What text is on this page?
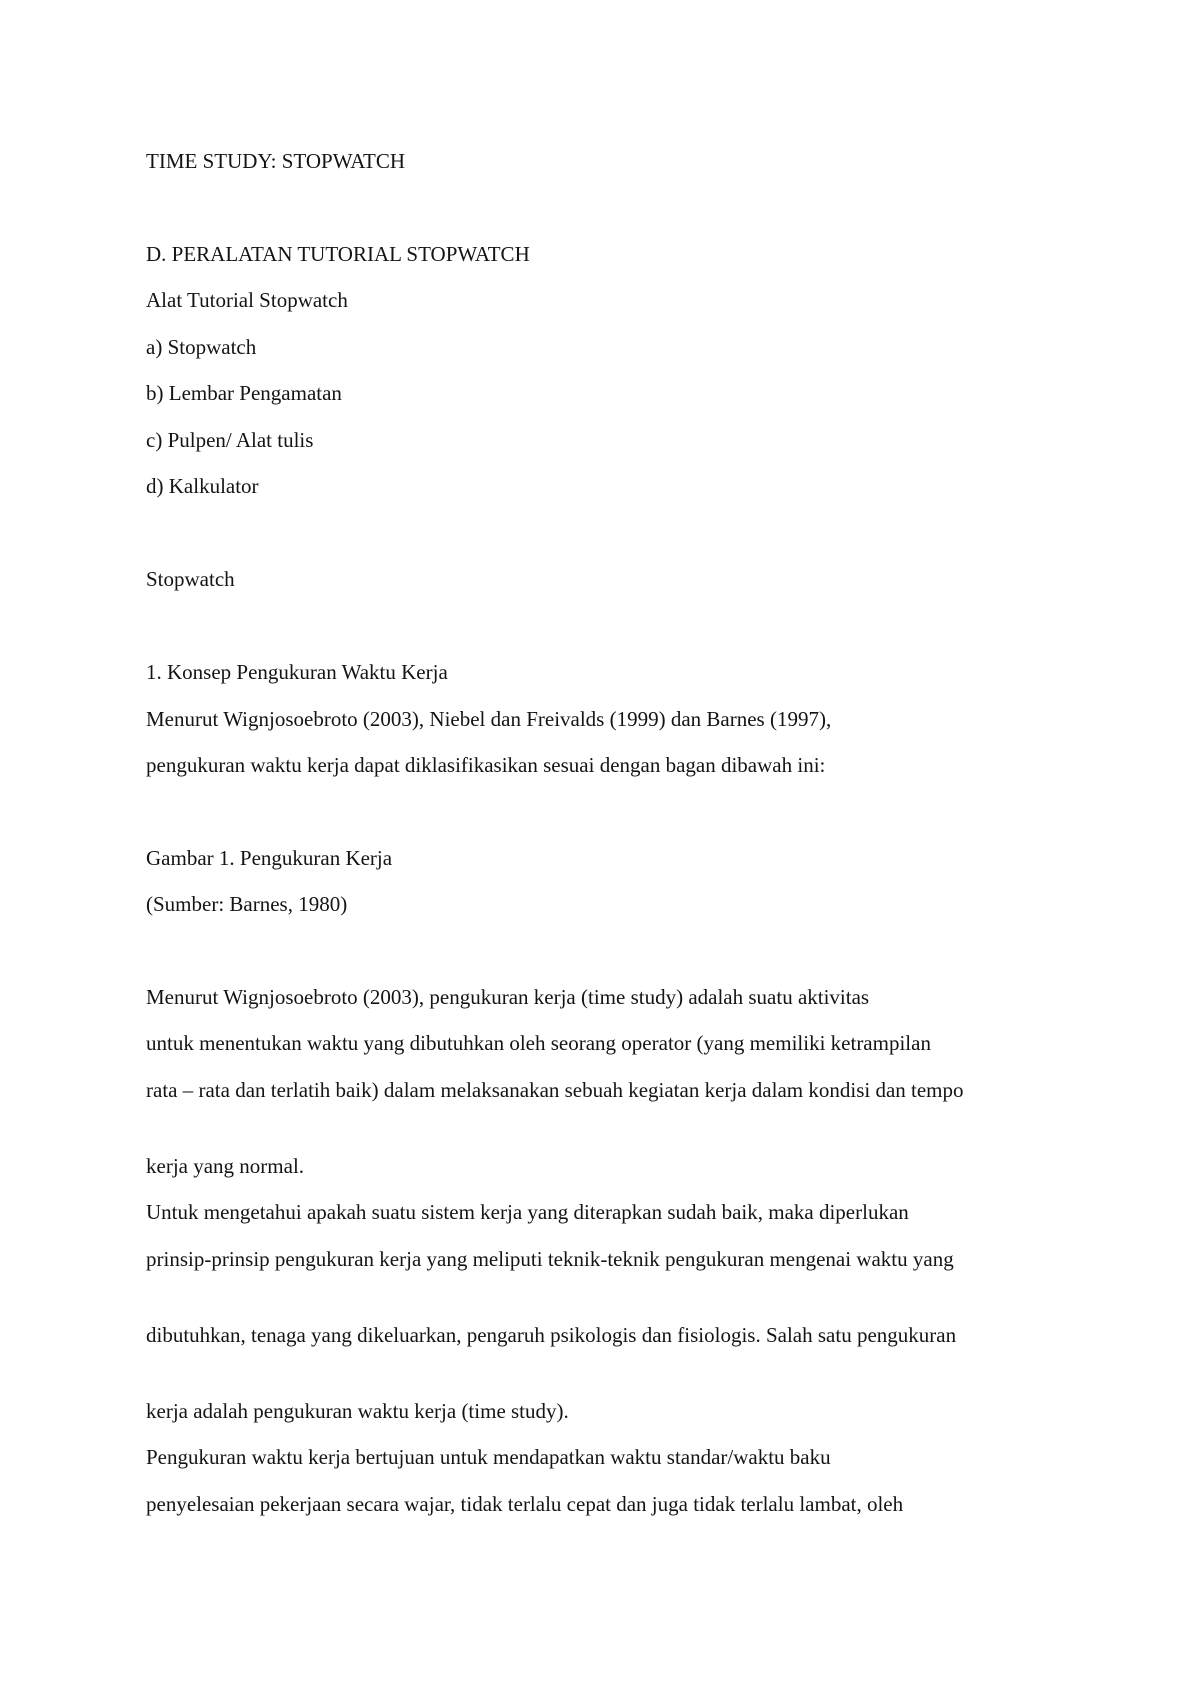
TIME STUDY: STOPWATCH

D. PERALATAN TUTORIAL STOPWATCH

Alat Tutorial Stopwatch

a) Stopwatch

b) Lembar Pengamatan

c) Pulpen/ Alat tulis

d) Kalkulator

Stopwatch

1. Konsep Pengukuran Waktu Kerja

Menurut Wignjosoebroto (2003), Niebel dan Freivalds (1999) dan Barnes (1997),

pengukuran waktu kerja dapat diklasifikasikan sesuai dengan bagan dibawah ini:

Gambar 1. Pengukuran Kerja

(Sumber: Barnes, 1980)

Menurut Wignjosoebroto (2003), pengukuran kerja (time study) adalah suatu aktivitas

untuk menentukan waktu yang dibutuhkan oleh seorang operator (yang memiliki ketrampilan

rata – rata dan terlatih baik) dalam melaksanakan sebuah kegiatan kerja dalam kondisi dan tempo

kerja yang normal.

Untuk mengetahui apakah suatu sistem kerja yang diterapkan sudah baik, maka diperlukan

prinsip-prinsip pengukuran kerja yang meliputi teknik-teknik pengukuran mengenai waktu yang

dibutuhkan, tenaga yang dikeluarkan, pengaruh psikologis dan fisiologis. Salah satu pengukuran

kerja adalah pengukuran waktu kerja (time study).

Pengukuran waktu kerja bertujuan untuk mendapatkan waktu standar/waktu baku

penyelesaian pekerjaan secara wajar, tidak terlalu cepat dan juga tidak terlalu lambat, oleh
